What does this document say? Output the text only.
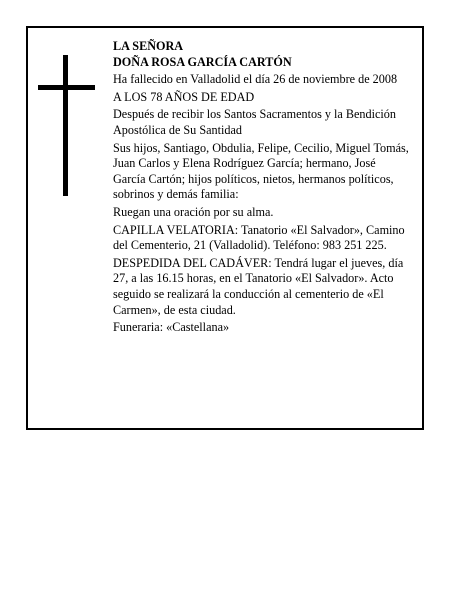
LA SEÑORA

DOÑA ROSA GARCÍA CARTÓN

Ha fallecido en Valladolid el día 26 de noviembre de 2008

A LOS 78 AÑOS DE EDAD

Después de recibir los Santos Sacramentos y la Bendición Apostólica de Su Santidad

Sus hijos, Santiago, Obdulia, Felipe, Cecilio, Miguel Tomás, Juan Carlos y Elena Rodríguez García; hermano, José García Cartón; hijos políticos, nietos, hermanos políticos, sobrinos y demás familia:

Ruegan una oración por su alma.

CAPILLA VELATORIA: Tanatorio «El Salvador», Camino del Cementerio, 21 (Valladolid). Teléfono: 983 251 225.

DESPEDIDA DEL CADÁVER: Tendrá lugar el jueves, día 27, a las 16.15 horas, en el Tanatorio «El Salvador». Acto seguido se realizará la conducción al cementerio de «El Carmen», de esta ciudad.

Funeraria: «Castellana»
